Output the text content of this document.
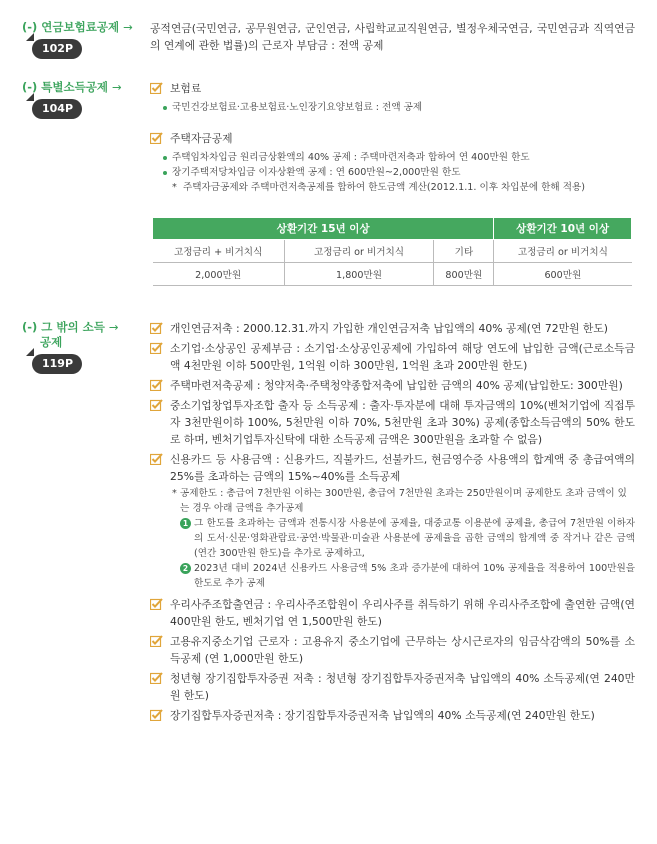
(-) 연금보험료공제 →
102P
공적연금(국민연금, 공무원연금, 군인연금, 사립학교교직원연금, 별정우체국연금, 국민연금과 직역연금의 연계에 관한 법률)의 근로자 부담금 : 전액 공제
(-) 특별소득공제 →
104P
보험료
국민건강보험료·고용보험료·노인장기요양보험료 : 전액 공제
주택자금공제
주택임차차입금 원리금상환액의 40% 공제 : 주택마련저축과 합하여 연 400만원 한도
장기주택저당차입금 이자상환액 공제 : 연 600만원~2,000만원 한도
* 주택자금공제와 주택마련저축공제를 합하여 한도금액 계산(2012.1.1. 이후 차입분에 한해 적용)
상환기간 15년 이상			상환기간 10년 이상
고정금리 + 비거치식	고정금리 or 비거치식	기타	고정금리 or 비거치식
2,000만원	1,800만원	800만원	600만원
(-) 그 밖의 소득 →
공제
119P
개인연금저축 : 2000.12.31.까지 가입한 개인연금저축 납입액의 40% 공제(연 72만원 한도)
소기업·소상공인 공제부금 : 소기업·소상공인공제에 가입하여 해당 연도에 납입한 금액(근로소득금액 4천만원 이하 500만원, 1억원 이하 300만원, 1억원 초과 200만원 한도)
주택마련저축공제 : 청약저축·주택청약종합저축에 납입한 금액의 40% 공제(납입한도: 300만원)
중소기업창업투자조합 출자 등 소득공제 : 출자·투자분에 대해 투자금액의 10%(벤처기업에 직접투자 3천만원이하 100%, 5천만원 이하 70%, 5천만원 초과 30%) 공제(종합소득금액의 50% 한도로 하며, 벤처기업투자신탁에 대한 소득공제 금액은 300만원을 초과할 수 없음)
신용카드 등 사용금액 : 신용카드, 직불카드, 선불카드, 현금영수증 사용액의 합계액 중 총급여액의 25%를 초과하는 금액의 15%~40%를 소득공제
* 공제한도 : 총급여 7천만원 이하는 300만원, 총급여 7천만원 초과는 250만원이며 공제한도 초과 금액이 있는 경우 아래 금액을 추가공제
1 그 한도를 초과하는 금액과 전통시장 사용분에 공제율, 대중교통 이용분에 공제율, 총급여 7천만원 이하자의 도서·신문·영화관람료·공연·박물관·미술관 사용분에 공제율을 곱한 금액의 합계액 중 작거나 같은 금액(연간 300만원 한도)을 추가로 공제하고,
2 2023년 대비 2024년 신용카드 사용금액 5% 초과 증가분에 대하여 10% 공제율을 적용하여 100만원을 한도로 추가 공제
우리사주조합출연금 : 우리사주조합원이 우리사주를 취득하기 위해 우리사주조합에 출연한 금액(연 400만원 한도, 벤처기업 연 1,500만원 한도)
고용유지중소기업 근로자 : 고용유지 중소기업에 근무하는 상시근로자의 임금삭감액의 50%를 소득공제 (연 1,000만원 한도)
청년형 장기집합투자증권 저축 : 청년형 장기집합투자증권저축 납입액의 40% 소득공제(연 240만원 한도)
장기집합투자증권저축 : 장기집합투자증권저축 납입액의 40% 소득공제(연 240만원 한도)
